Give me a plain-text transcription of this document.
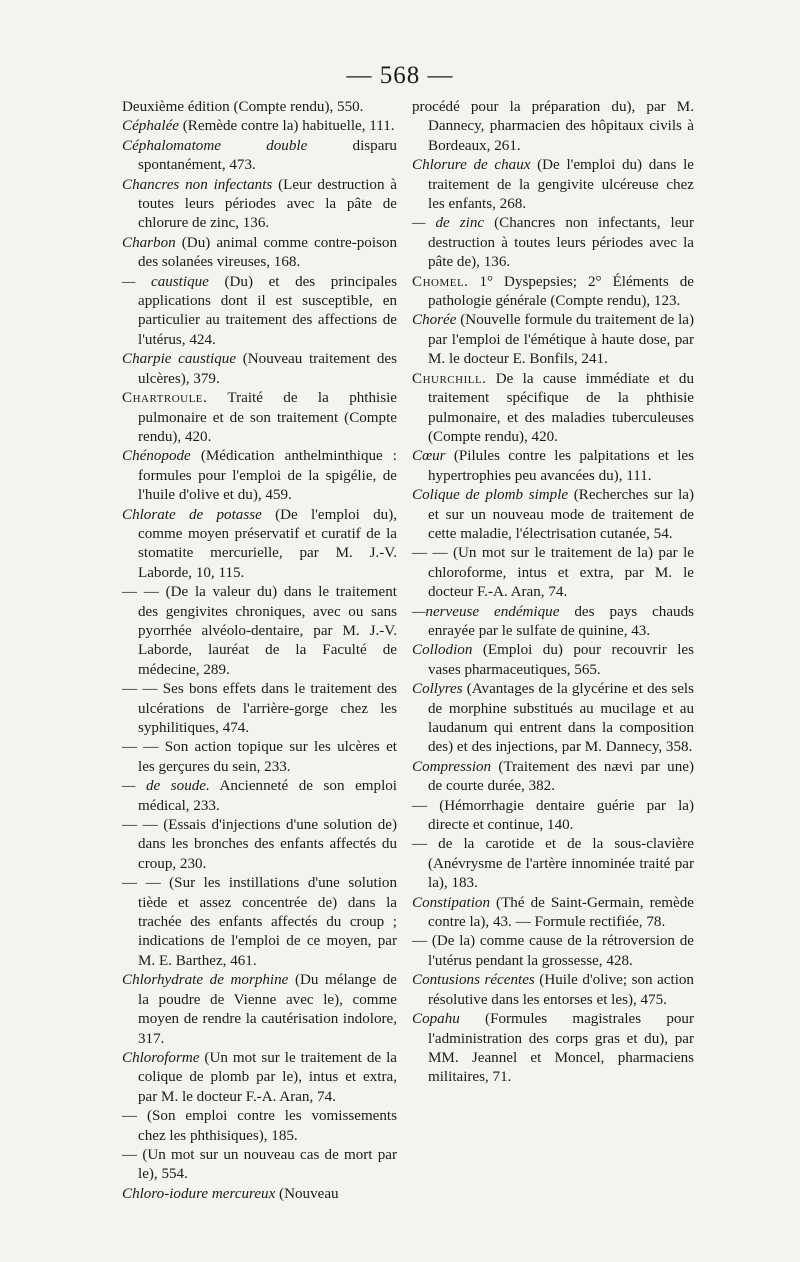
— 568 —

Deuxième édition (Compte rendu), 550.

Céphalée (Remède contre la) habituelle, 111.

Céphalomatome double disparu spontanément, 473.

Chancres non infectants (Leur destruction à toutes leurs périodes avec la pâte de chlorure de zinc, 136.

Charbon (Du) animal comme contre-poison des solanées vireuses, 168.

— caustique (Du) et des principales applications dont il est susceptible, en particulier au traitement des affections de l'utérus, 424.

Charpie caustique (Nouveau traitement des ulcères), 379.

Chartroule. Traité de la phthisie pulmonaire et de son traitement (Compte rendu), 420.

Chénopode (Médication anthelminthique : formules pour l'emploi de la spigélie, de l'huile d'olive et du), 459.

Chlorate de potasse (De l'emploi du), comme moyen préservatif et curatif de la stomatite mercurielle, par M. J.-V. Laborde, 10, 115.

— — (De la valeur du) dans le traitement des gengivites chroniques, avec ou sans pyorrhée alvéolo-dentaire, par M. J.-V. Laborde, lauréat de la Faculté de médecine, 289.

— — Ses bons effets dans le traitement des ulcérations de l'arrière-gorge chez les syphilitiques, 474.

— — Son action topique sur les ulcères et les gerçures du sein, 233.

— de soude. Ancienneté de son emploi médical, 233.

— — (Essais d'injections d'une solution de) dans les bronches des enfants affectés du croup, 230.

— — (Sur les instillations d'une solution tiède et assez concentrée de) dans la trachée des enfants affectés du croup ; indications de l'emploi de ce moyen, par M. E. Barthez, 461.

Chlorhydrate de morphine (Du mélange de la poudre de Vienne avec le), comme moyen de rendre la cautérisation indolore, 317.

Chloroforme (Un mot sur le traitement de la colique de plomb par le), intus et extra, par M. le docteur F.-A. Aran, 74.

— (Son emploi contre les vomissements chez les phthisiques), 185.

— (Un mot sur un nouveau cas de mort par le), 554.

Chloro-iodure mercureux (Nouveau

procédé pour la préparation du), par M. Dannecy, pharmacien des hôpitaux civils à Bordeaux, 261.

Chlorure de chaux (De l'emploi du) dans le traitement de la gengivite ulcéreuse chez les enfants, 268.

— de zinc (Chancres non infectants, leur destruction à toutes leurs périodes avec la pâte de), 136.

Chomel. 1° Dyspepsies; 2° Éléments de pathologie générale (Compte rendu), 123.

Chorée (Nouvelle formule du traitement de la) par l'emploi de l'émétique à haute dose, par M. le docteur E. Bonfils, 241.

Churchill. De la cause immédiate et du traitement spécifique de la phthisie pulmonaire, et des maladies tuberculeuses (Compte rendu), 420.

Cœur (Pilules contre les palpitations et les hypertrophies peu avancées du), 111.

Colique de plomb simple (Recherches sur la) et sur un nouveau mode de traitement de cette maladie, l'électrisation cutanée, 54.

— — (Un mot sur le traitement de la) par le chloroforme, intus et extra, par M. le docteur F.-A. Aran, 74.

—nerveuse endémique des pays chauds enrayée par le sulfate de quinine, 43.

Collodion (Emploi du) pour recouvrir les vases pharmaceutiques, 565.

Collyres (Avantages de la glycérine et des sels de morphine substitués au mucilage et au laudanum qui entrent dans la composition des) et des injections, par M. Dannecy, 358.

Compression (Traitement des nævi par une) de courte durée, 382.

— (Hémorrhagie dentaire guérie par la) directe et continue, 140.

— de la carotide et de la sous-clavière (Anévrysme de l'artère innominée traité par la), 183.

Constipation (Thé de Saint-Germain, remède contre la), 43. — Formule rectifiée, 78.

— (De la) comme cause de la rétroversion de l'utérus pendant la grossesse, 428.

Contusions récentes (Huile d'olive; son action résolutive dans les entorses et les), 475.

Copahu (Formules magistrales pour l'administration des corps gras et du), par MM. Jeannel et Moncel, pharmaciens militaires, 71.
